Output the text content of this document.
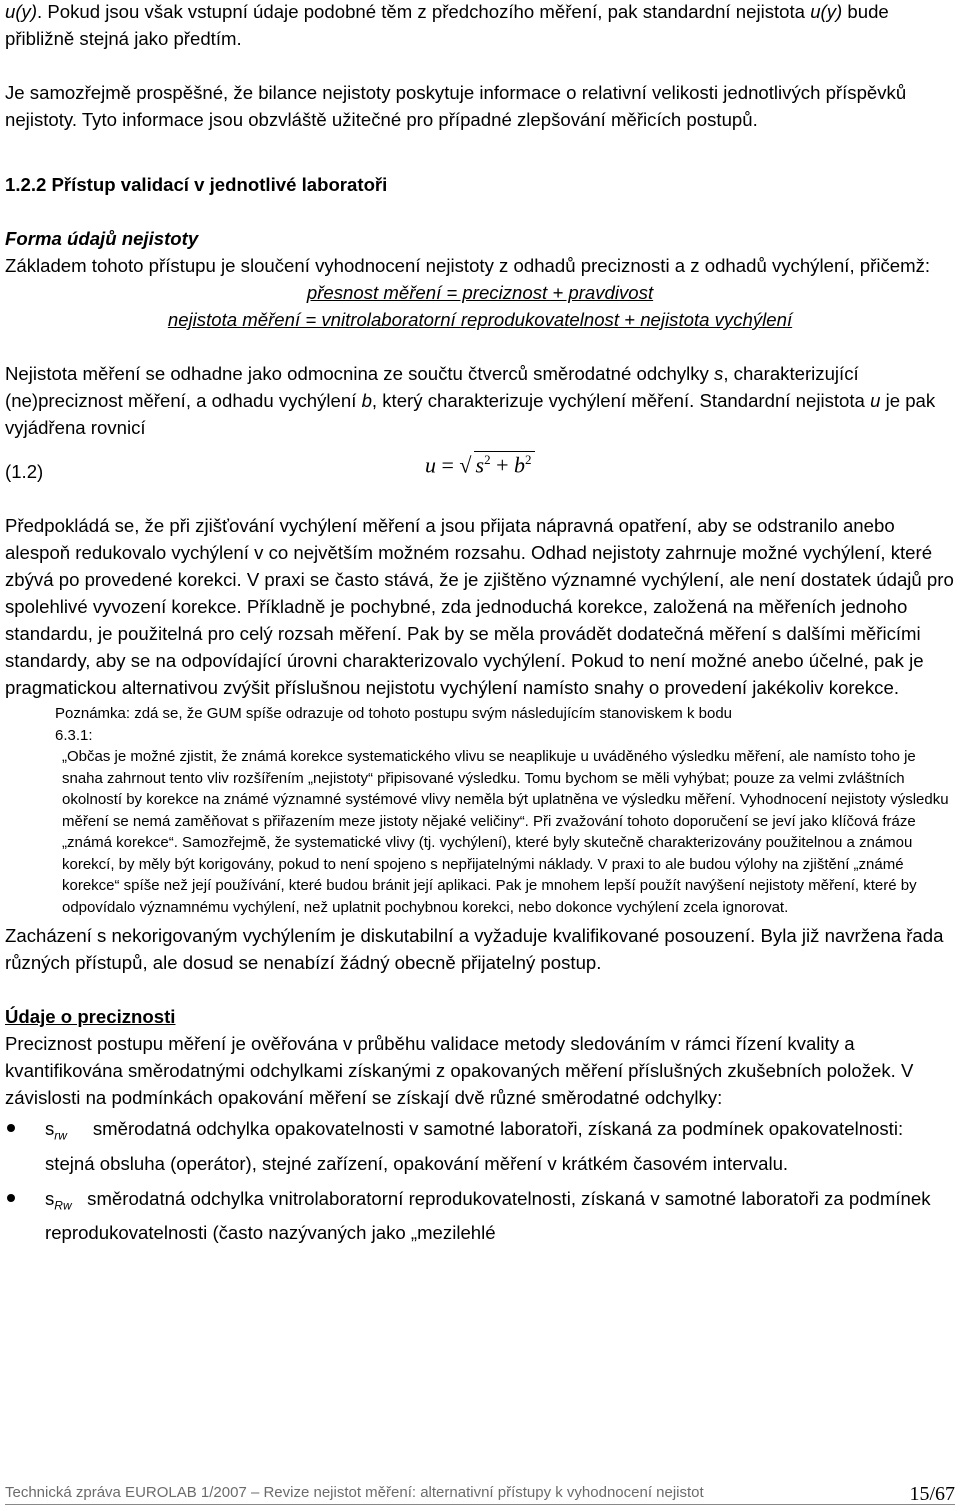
u(y). Pokud jsou však vstupní údaje podobné těm z předchozího měření, pak standardní nejistota u(y) bude přibližně stejná jako předtím.

Je samozřejmě prospěšné, že bilance nejistoty poskytuje informace o relativní velikosti jednotlivých příspěvků nejistoty. Tyto informace jsou obzvláště užitečné pro případné zlepšování měřicích postupů.

1.2.2 Přístup validací v jednotlivé laboratoři

Forma údajů nejistoty

Základem tohoto přístupu je sloučení vyhodnocení nejistoty z odhadů preciznosti a z odhadů vychýlení, přičemž:

přesnost měření = preciznost + pravdivost

nejistota měření = vnitrolaboratorní reprodukovatelnost + nejistota vychýlení

Nejistota měření se odhadne jako odmocnina ze součtu čtverců směrodatné odchylky s, charakterizující (ne)preciznost měření, a odhadu vychýlení b, který charakterizuje vychýlení měření. Standardní nejistota u je pak vyjádřena rovnicí

(1.2)	u = √ $s^2 + b^2$

Předpokládá se, že při zjišťování vychýlení měření a jsou přijata nápravná opatření, aby se odstranilo anebo alespoň redukovalo vychýlení v co největším možném rozsahu. Odhad nejistoty zahrnuje možné vychýlení, které zbývá po provedené korekci. V praxi se často stává, že je zjištěno významné vychýlení, ale není dostatek údajů pro spolehlivé vyvození korekce. Příkladně je pochybné, zda jednoduchá korekce, založená na měřeních jednoho standardu, je použitelná pro celý rozsah měření. Pak by se měla provádět dodatečná měření s dalšími měřicími standardy, aby se na odpovídající úrovni charakterizovalo vychýlení. Pokud to není možné anebo účelné, pak je pragmatickou alternativou zvýšit příslušnou nejistotu vychýlení namísto snahy o provedení jakékoliv korekce.

Poznámka: zdá se, že GUM spíše odrazuje od tohoto postupu svým následujícím stanoviskem k bodu

6.3.1:

„Občas je možné zjistit, že známá korekce systematického vlivu se neaplikuje u uváděného výsledku měření, ale namísto toho je snaha zahrnout tento vliv rozšířením „nejistoty“ připisované výsledku. Tomu bychom se měli vyhýbat; pouze za velmi zvláštních okolností by korekce na známé významné systémové vlivy neměla být uplatněna ve výsledku měření. Vyhodnocení nejistoty výsledku měření se nemá zaměňovat s přiřazením meze jistoty nějaké veličiny“. Při zvažování tohoto doporučení se jeví jako klíčová fráze „známá korekce“. Samozřejmě, že systematické vlivy (tj. vychýlení), které byly skutečně charakterizovány použitelnou a známou korekcí, by měly být korigovány, pokud to není spojeno s nepřijatelnými náklady. V praxi to ale budou výlohy na zjištění „známé korekce“ spíše než její používání, které budou bránit její aplikaci. Pak je mnohem lepší použít navýšení nejistoty měření, které by odpovídalo významnému vychýlení, než uplatnit pochybnou korekci, nebo dokonce vychýlení zcela ignorovat.

Zacházení s nekorigovaným vychýlením je diskutabilní a vyžaduje kvalifikované posouzení. Byla již navržena řada různých přístupů, ale dosud se nenabízí žádný obecně přijatelný postup.

Údaje o preciznosti

Preciznost postupu měření je ověřována v průběhu validace metody sledováním v rámci řízení kvality a kvantifikována směrodatnými odchylkami získanými z opakovaných měření příslušných zkušebních položek. V závislosti na podmínkách opakování měření se získají dvě různé směrodatné odchylky:

$s_{rw}$ směrodatná odchylka opakovatelnosti v samotné laboratoři, získaná za podmínek opakovatelnosti: stejná obsluha (operátor), stejné zařízení, opakování měření v krátkém časovém intervalu.
$s_{Rw}$ směrodatná odchylka vnitrolaboratorní reprodukovatelnosti, získaná v samotné laboratoři za podmínek reprodukovatelnosti (často nazývaných jako „mezilehlé
Technická zpráva EUROLAB 1/2007 – Revize nejistot měření: alternativní přístupy k vyhodnocení nejistot	15/67
